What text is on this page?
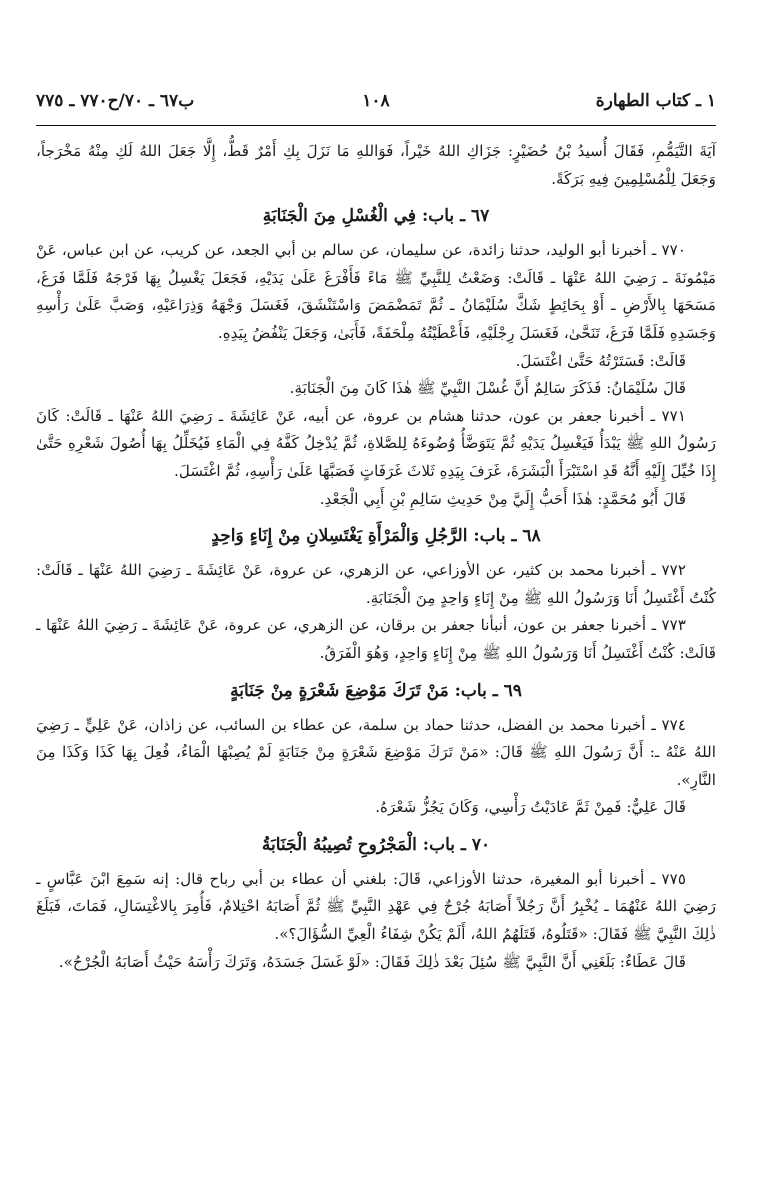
١ ـ كتاب الطهارة
١٠٨
ب٦٧ ـ ٧٠/ح٧٧٠ ـ ٧٧٥

آيَةَ التَّيَمُّمِ، فَقَالَ أُسيدُ بْنُ حُضَيْرٍ: جَزَاكِ اللهُ خَيْراً، فَوَاللهِ مَا نَزَلَ بِكِ أَمْرٌ قَطُّ، إِلَّا جَعَلَ اللهُ لَكِ مِنْهُ مَخْرَجاً، وَجَعَلَ لِلْمُسْلِمِينَ فِيهِ بَرَكَةً.

٦٧ ـ باب: فِي الْغُسْلِ مِنَ الْجَنَابَةِ

٧٧٠ ـ أخبرنا أبو الوليد، حدثنا زائدة، عن سليمان، عن سالم بن أبي الجعد، عن كريب، عن ابن عباس، عَنْ مَيْمُونَةَ ـ رَضِيَ اللهُ عَنْهَا ـ قَالَتْ: وَضَعْتُ لِلنَّبِيِّ ﷺ مَاءً فَأَفْرَغَ عَلَىٰ يَدَيْهِ، فَجَعَلَ يَغْسِلُ بِهَا فَرْجَهُ فَلَمَّا فَرَغَ، مَسَحَهَا بِالأَرْضِ ـ أَوْ بِحَائِطٍ شَكَّ سُلَيْمَانُ ـ ثُمَّ تَمَضْمَضَ وَاسْتَنْشَقَ، فَغَسَلَ وَجْهَهُ وَذِرَاعَيْهِ، وَصَبَّ عَلَىٰ رَأْسِهِ وَجَسَدِهِ فَلَمَّا فَرَغَ، تَنَحَّىٰ، فَغَسَلَ رِجْلَيْهِ، فَأَعْطَيْتُهُ مِلْحَفَةً، فَأَبَىٰ، وَجَعَلَ يَنْفُضُ بِيَدِهِ.

قَالَتْ: فَسَتَرْتُهُ حَتَّىٰ اغْتَسَلَ.

قَالَ سُلَيْمَانُ: فَذَكَرَ سَالِمٌ أَنَّ غُسْلَ النَّبِيِّ ﷺ هٰذَا كَانَ مِنَ الْجَنَابَةِ.

٧٧١ ـ أخبرنا جعفر بن عون، حدثنا هشام بن عروة، عن أبيه، عَنْ عَائِشَةَ ـ رَضِيَ اللهُ عَنْهَا ـ قَالَتْ: كَانَ رَسُولُ اللهِ ﷺ يَبْدَأُ فَيَغْسِلُ يَدَيْهِ ثُمَّ يَتَوَضَّأُ وُضُوءَهُ لِلصَّلاةِ، ثُمَّ يُدْخِلُ كَفَّهُ فِي الْمَاءِ فَيُخَلِّلُ بِهَا أُصُولَ شَعْرِهِ حَتَّىٰ إِذَا خُيِّلَ إِلَيْهِ أَنَّهُ قَدِ اسْتَبْرَأَ الْبَشَرَةَ، غَرَفَ بِيَدِهِ ثَلاثَ غَرَفَاتٍ فَصَبَّهَا عَلَىٰ رَأْسِهِ، ثُمَّ اغْتَسَلَ.

قَالَ أَبُو مُحَمَّدٍ: هٰذَا أَحَبُّ إِلَيَّ مِنْ حَدِيثِ سَالِمِ بْنِ أَبِي الْجَعْدِ.

٦٨ ـ باب: الرَّجُلِ وَالْمَرْأَةِ يَغْتَسِلانِ مِنْ إِنَاءٍ وَاحِدٍ

٧٧٢ ـ أخبرنا محمد بن كثير، عن الأوزاعي، عن الزهري، عن عروة، عَنْ عَائِشَةَ ـ رَضِيَ اللهُ عَنْهَا ـ قَالَتْ: كُنْتُ أَغْتَسِلُ أَنَا وَرَسُولُ اللهِ ﷺ مِنْ إِنَاءٍ وَاحِدٍ مِنَ الْجَنَابَةِ.

٧٧٣ ـ أخبرنا جعفر بن عون، أنبأنا جعفر بن برقان، عن الزهري، عن عروة، عَنْ عَائِشَةَ ـ رَضِيَ اللهُ عَنْهَا ـ قَالَتْ: كُنْتُ أَغْتَسِلُ أَنَا وَرَسُولُ اللهِ ﷺ مِنْ إِنَاءٍ وَاحِدٍ، وَهُوَ الْفَرَقُ.

٦٩ ـ باب: مَنْ تَرَكَ مَوْضِعَ شَعْرَةٍ مِنْ جَنَابَةٍ

٧٧٤ ـ أخبرنا محمد بن الفضل، حدثنا حماد بن سلمة، عن عطاء بن السائب، عن زاذان، عَنْ عَلِيٍّ ـ رَضِيَ اللهُ عَنْهُ ـ: أَنَّ رَسُولَ اللهِ ﷺ قَالَ: «مَنْ تَرَكَ مَوْضِعَ شَعْرَةٍ مِنْ جَنَابَةٍ لَمْ يُصِبْهَا الْمَاءُ، فُعِلَ بِهَا كَذَا وَكَذَا مِنَ النَّارِ».

قَالَ عَلِيٌّ: فَمِنْ ثَمَّ عَادَيْتُ رَأْسِي، وَكَانَ يَجُزُّ شَعْرَهُ.

٧٠ ـ باب: الْمَجْرُوحِ تُصِيبُهُ الْجَنَابَةُ

٧٧٥ ـ أخبرنا أبو المغيرة، حدثنا الأوزاعي، قَالَ: بلغني أن عطاء بن أبي رباح قال: إنه سَمِعَ ابْنَ عَبَّاسٍ ـ رَضِيَ اللهُ عَنْهُمَا ـ يُخْبِرُ أَنَّ رَجُلاً أَصَابَهُ جُرْحٌ فِي عَهْدِ النَّبِيِّ ﷺ ثُمَّ أَصَابَهُ احْتِلامٌ، فَأُمِرَ بِالاغْتِسَالِ، فَمَاتَ، فَبَلَغَ ذٰلِكَ النَّبِيَّ ﷺ فَقَالَ: «قَتَلُوهُ، قَتَلَهُمُ اللهُ، أَلَمْ يَكُنْ شِفَاءُ الْعِيِّ السُّؤَالَ؟».

قَالَ عَطَاءٌ: بَلَغَنِي أَنَّ النَّبِيَّ ﷺ سُئِلَ بَعْدَ ذٰلِكَ فَقَالَ: «لَوْ غَسَلَ جَسَدَهُ، وَتَرَكَ رَأْسَهُ حَيْثُ أَصَابَهُ الْجُرْحُ».
